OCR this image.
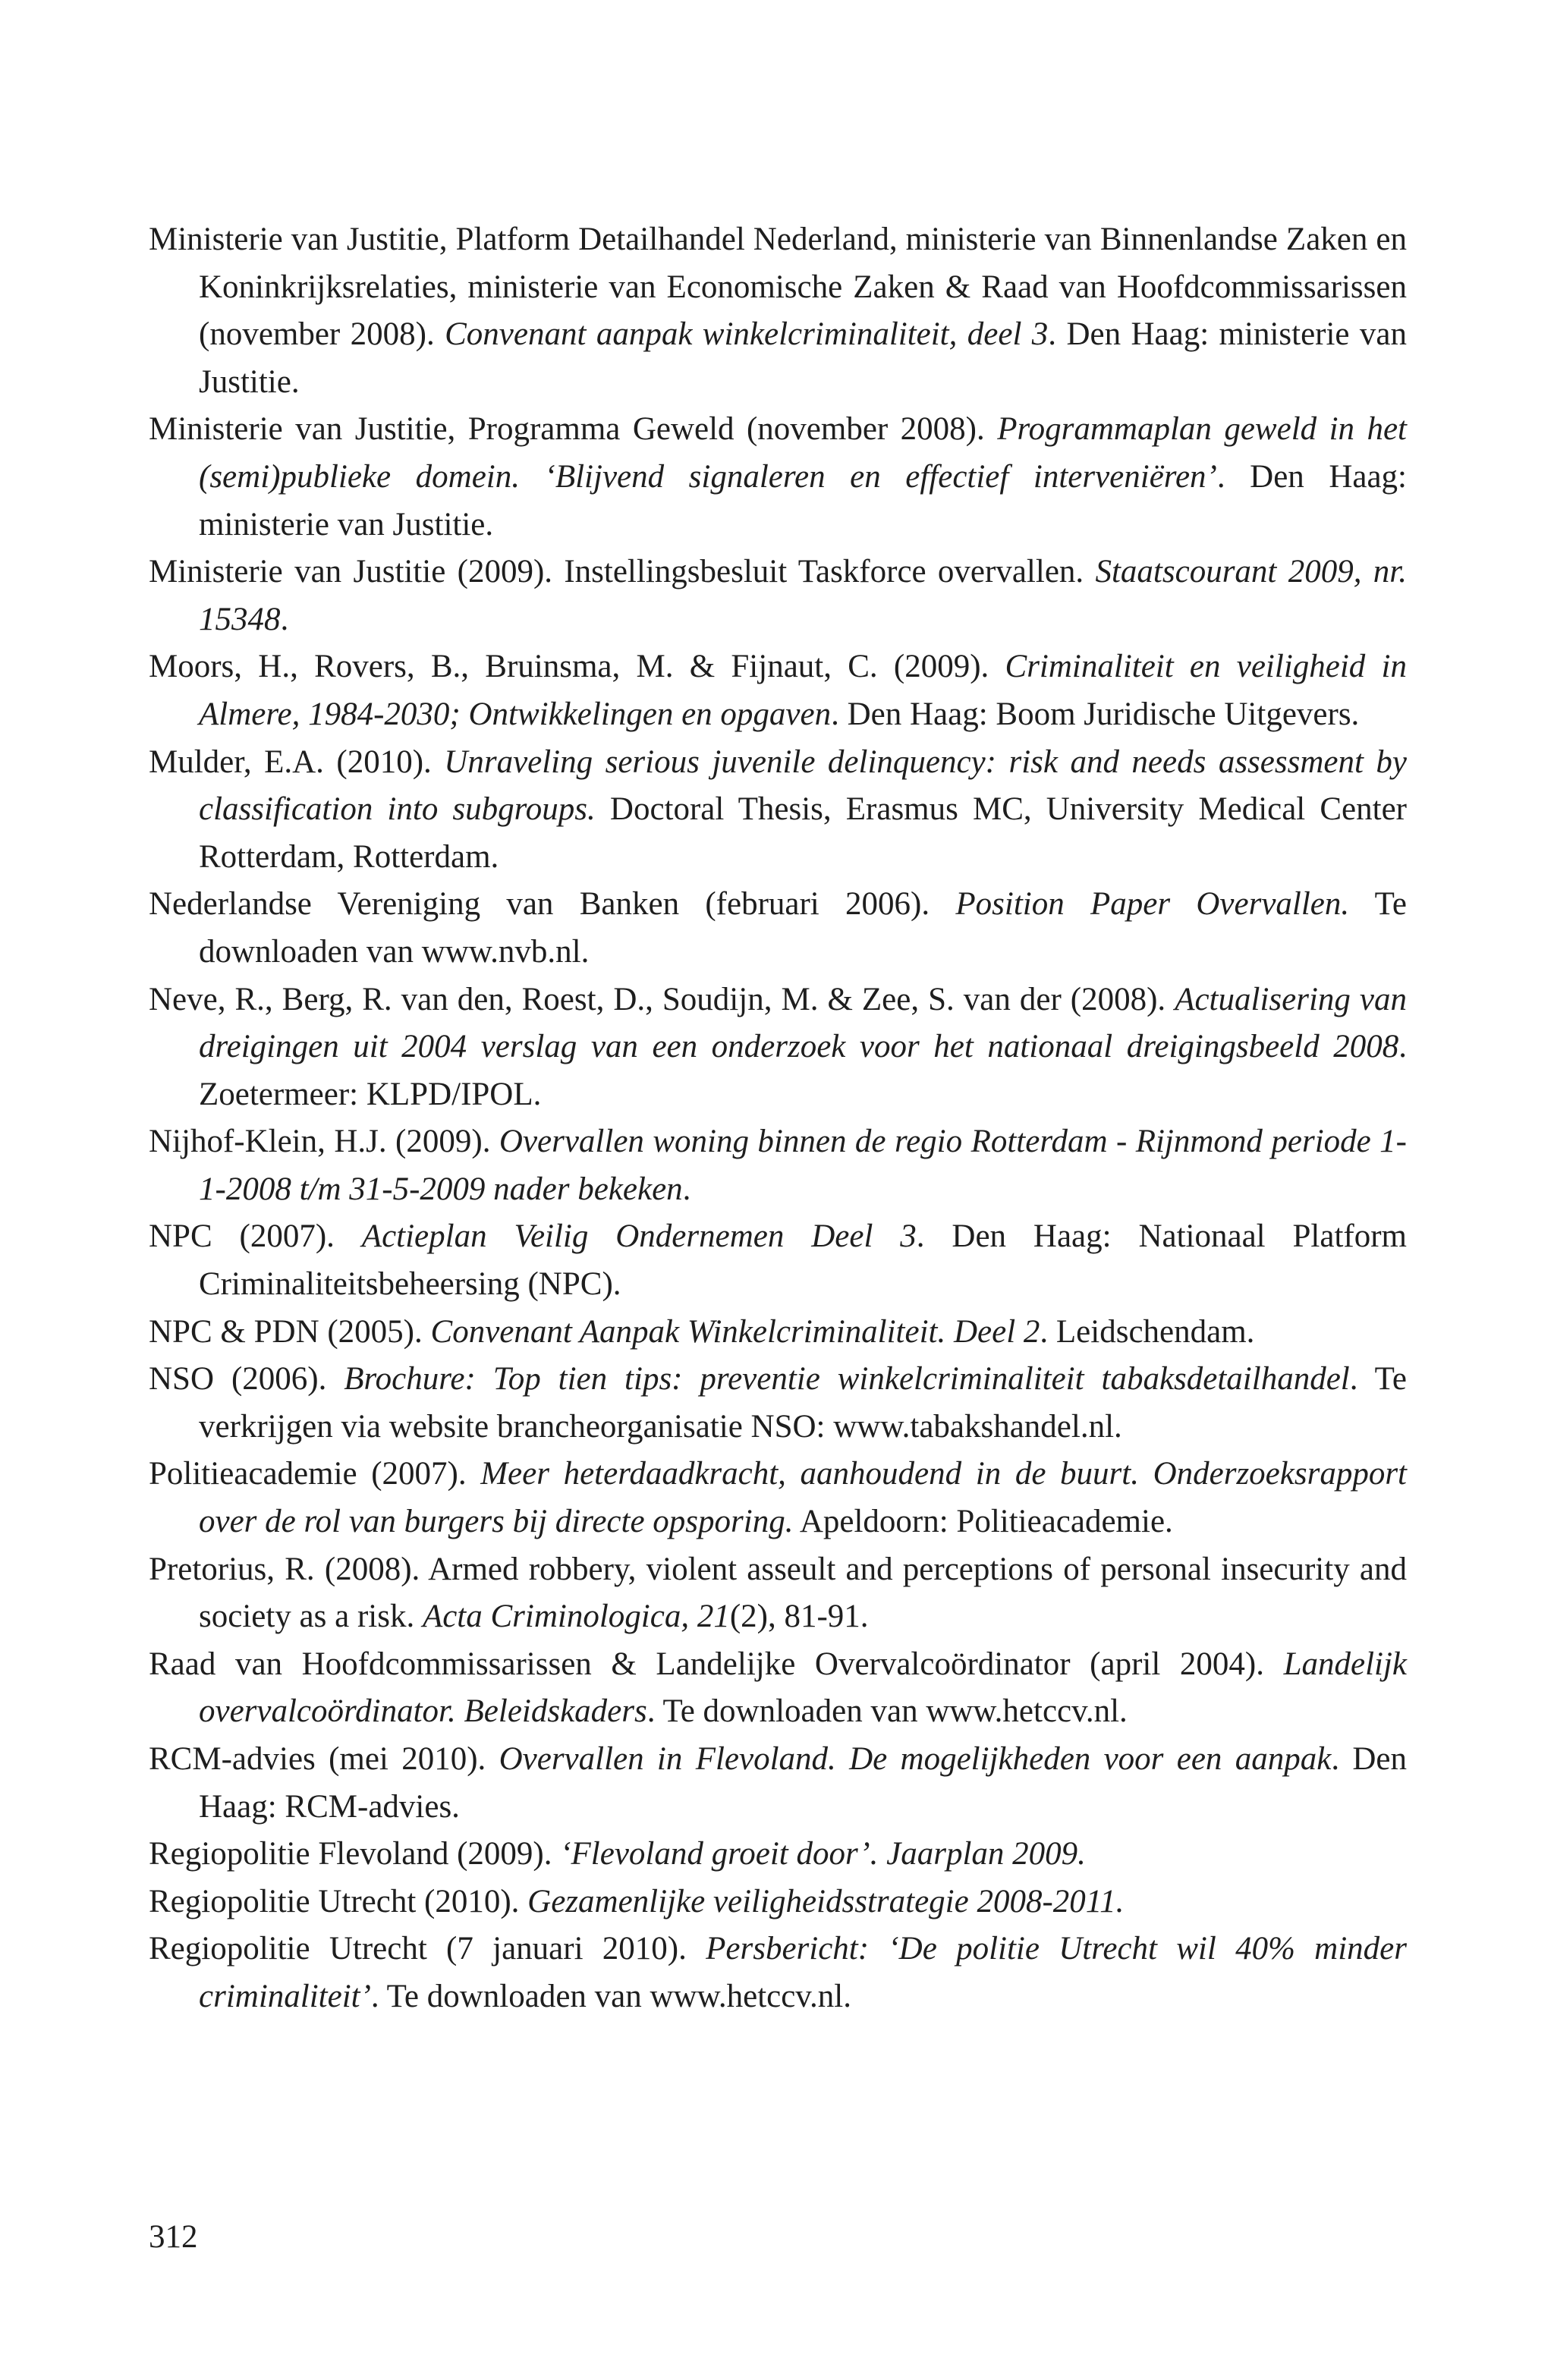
Ministerie van Justitie, Platform Detailhandel Nederland, ministerie van Binnenlandse Zaken en Koninkrijksrelaties, ministerie van Economische Zaken & Raad van Hoofdcommissarissen (november 2008). Convenant aanpak winkelcriminaliteit, deel 3. Den Haag: ministerie van Justitie.
Ministerie van Justitie, Programma Geweld (november 2008). Programmaplan geweld in het (semi)publieke domein. ‘Blijvend signaleren en effectief interveniëren’. Den Haag: ministerie van Justitie.
Ministerie van Justitie (2009). Instellingsbesluit Taskforce overvallen. Staatscourant 2009, nr. 15348.
Moors, H., Rovers, B., Bruinsma, M. & Fijnaut, C. (2009). Criminaliteit en veiligheid in Almere, 1984-2030; Ontwikkelingen en opgaven. Den Haag: Boom Juridische Uitgevers.
Mulder, E.A. (2010). Unraveling serious juvenile delinquency: risk and needs assessment by classification into subgroups. Doctoral Thesis, Erasmus MC, University Medical Center Rotterdam, Rotterdam.
Nederlandse Vereniging van Banken (februari 2006). Position Paper Overvallen. Te downloaden van www.nvb.nl.
Neve, R., Berg, R. van den, Roest, D., Soudijn, M. & Zee, S. van der (2008). Actualisering van dreigingen uit 2004 verslag van een onderzoek voor het nationaal dreigingsbeeld 2008. Zoetermeer: KLPD/IPOL.
Nijhof-Klein, H.J. (2009). Overvallen woning binnen de regio Rotterdam - Rijnmond periode 1-1-2008 t/m 31-5-2009 nader bekeken.
NPC (2007). Actieplan Veilig Ondernemen Deel 3. Den Haag: Nationaal Platform Criminaliteitsbeheersing (NPC).
NPC & PDN (2005). Convenant Aanpak Winkelcriminaliteit. Deel 2. Leidschendam.
NSO (2006). Brochure: Top tien tips: preventie winkelcriminaliteit tabaksdetailhandel. Te verkrijgen via website brancheorganisatie NSO: www.tabakshandel.nl.
Politieacademie (2007). Meer heterdaadkracht, aanhoudend in de buurt. Onderzoeksrapport over de rol van burgers bij directe opsporing. Apeldoorn: Politieacademie.
Pretorius, R. (2008). Armed robbery, violent asseult and perceptions of personal insecurity and society as a risk. Acta Criminologica, 21(2), 81-91.
Raad van Hoofdcommissarissen & Landelijke Overvalcoördinator (april 2004). Landelijk overvalcoördinator. Beleidskaders. Te downloaden van www.hetccv.nl.
RCM-advies (mei 2010). Overvallen in Flevoland. De mogelijkheden voor een aanpak. Den Haag: RCM-advies.
Regiopolitie Flevoland (2009). ‘Flevoland groeit door’. Jaarplan 2009.
Regiopolitie Utrecht (2010). Gezamenlijke veiligheidsstrategie 2008-2011.
Regiopolitie Utrecht (7 januari 2010). Persbericht: ‘De politie Utrecht wil 40% minder criminaliteit’. Te downloaden van www.hetccv.nl.

312
